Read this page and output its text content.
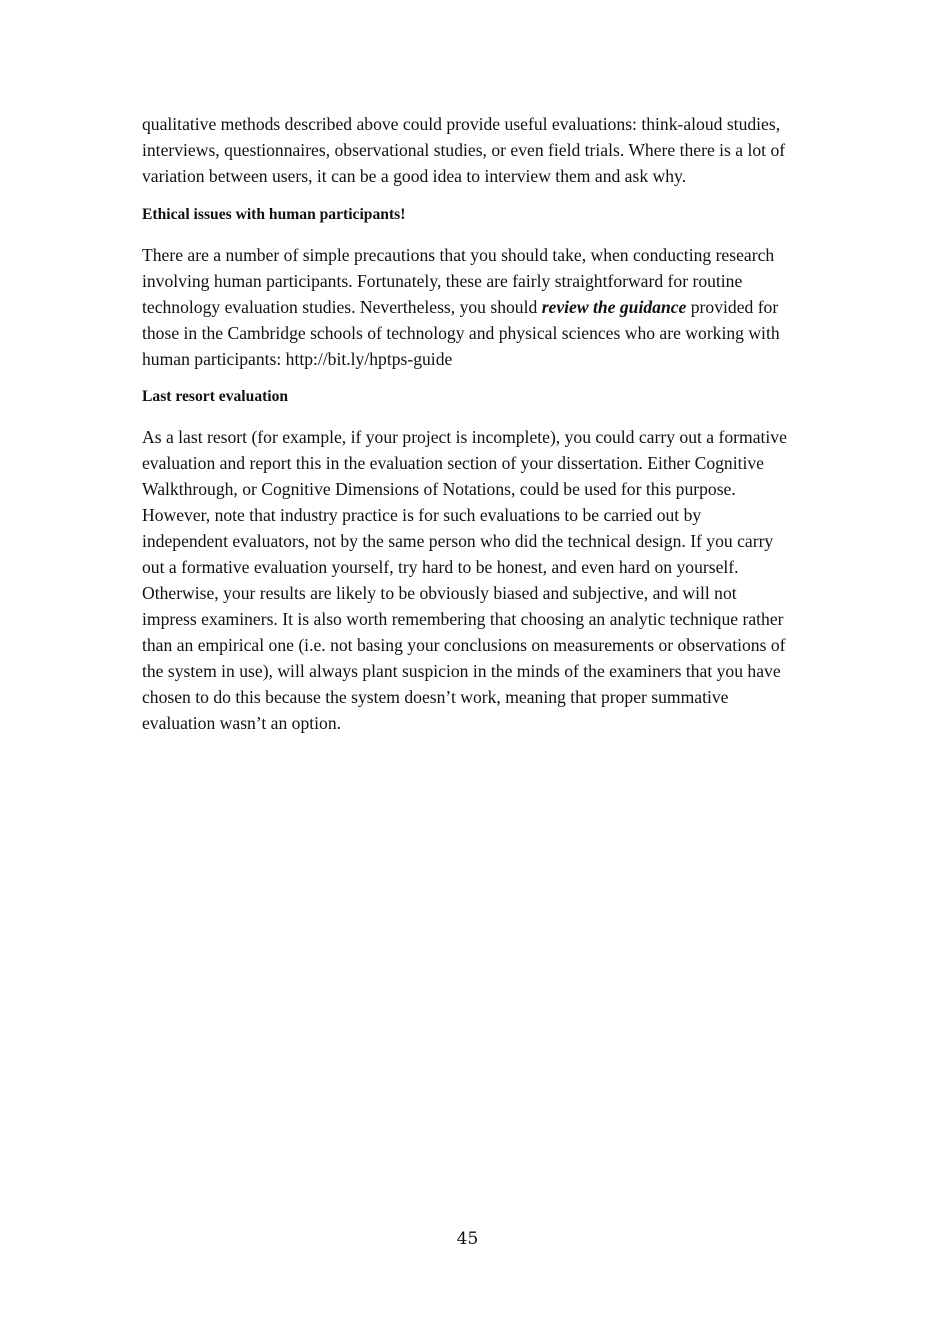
qualitative methods described above could provide useful evaluations: think-aloud studies,
interviews, questionnaires, observational studies, or even field trials. Where there is a lot of
variation between users, it can be a good idea to interview them and ask why.

Ethical issues with human participants!

There are a number of simple precautions that you should take, when conducting research
involving human participants. Fortunately, these are fairly straightforward for routine
technology evaluation studies. Nevertheless, you should review the guidance provided for
those in the Cambridge schools of technology and physical sciences who are working with
human participants: http://bit.ly/hptps-guide

Last resort evaluation

As a last resort (for example, if your project is incomplete), you could carry out a formative
evaluation and report this in the evaluation section of your dissertation. Either Cognitive
Walkthrough, or Cognitive Dimensions of Notations, could be used for this purpose.
However, note that industry practice is for such evaluations to be carried out by
independent evaluators, not by the same person who did the technical design. If you carry
out a formative evaluation yourself, try hard to be honest, and even hard on yourself.
Otherwise, your results are likely to be obviously biased and subjective, and will not
impress examiners. It is also worth remembering that choosing an analytic technique rather
than an empirical one (i.e. not basing your conclusions on measurements or observations of
the system in use), will always plant suspicion in the minds of the examiners that you have
chosen to do this because the system doesn’t work, meaning that proper summative
evaluation wasn’t an option.

45
